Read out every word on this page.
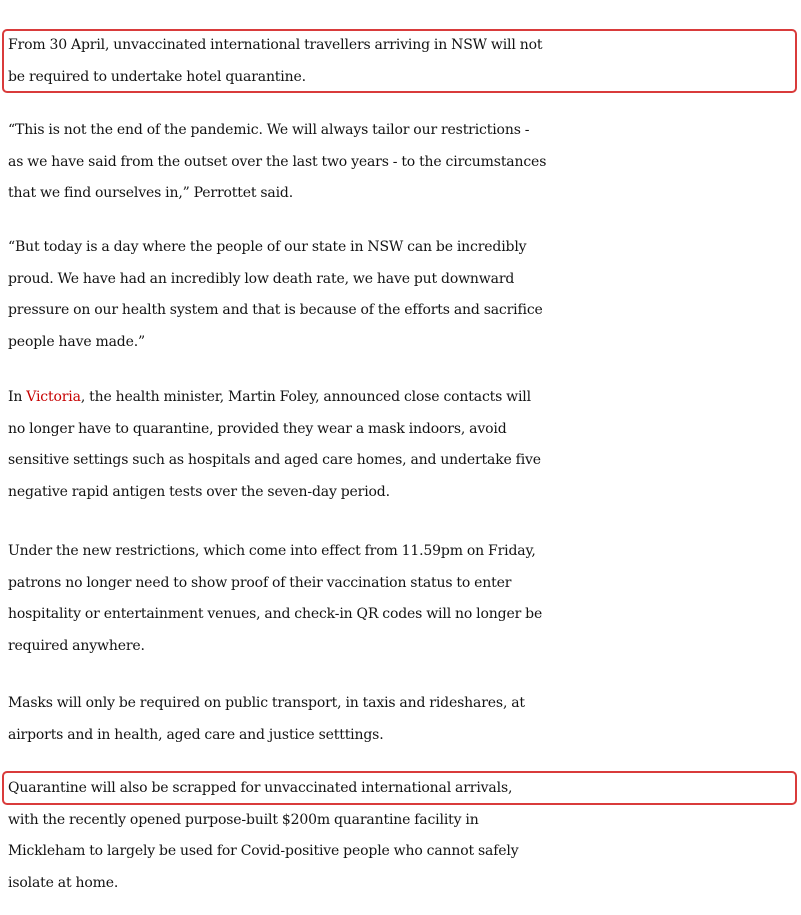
From 30 April, unvaccinated international travellers arriving in NSW will not
be required to undertake hotel quarantine.

“This is not the end of the pandemic. We will always tailor our restrictions -
as we have said from the outset over the last two years - to the circumstances
that we find ourselves in,” Perrottet said.

“But today is a day where the people of our state in NSW can be incredibly
proud. We have had an incredibly low death rate, we have put downward
pressure on our health system and that is because of the efforts and sacrifice
people have made.”

In Victoria, the health minister, Martin Foley, announced close contacts will
no longer have to quarantine, provided they wear a mask indoors, avoid
sensitive settings such as hospitals and aged care homes, and undertake five
negative rapid antigen tests over the seven-day period.

Under the new restrictions, which come into effect from 11.59pm on Friday,
patrons no longer need to show proof of their vaccination status to enter
hospitality or entertainment venues, and check-in QR codes will no longer be
required anywhere.

Masks will only be required on public transport, in taxis and rideshares, at
airports and in health, aged care and justice setttings.

Quarantine will also be scrapped for unvaccinated international arrivals,
with the recently opened purpose-built $200m quarantine facility in
Mickleham to largely be used for Covid-positive people who cannot safely
isolate at home.
